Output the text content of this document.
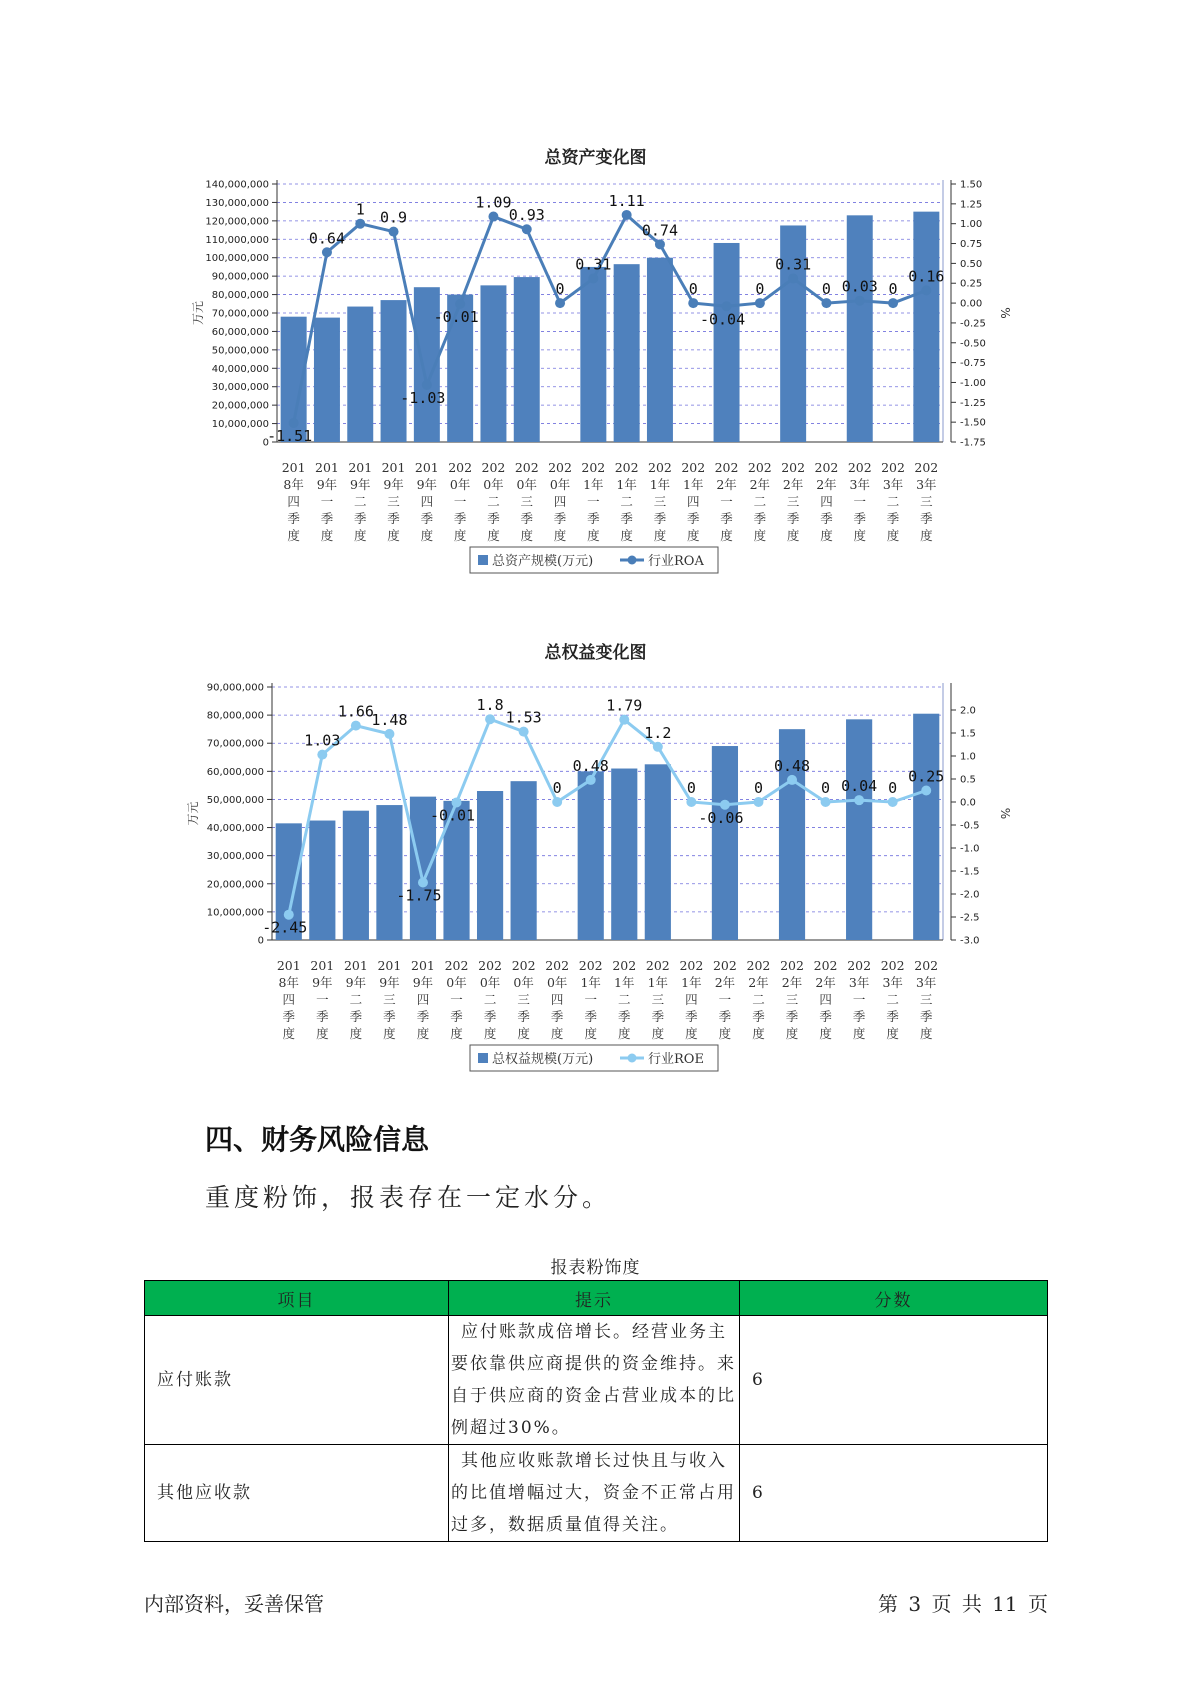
总资产变化图
0
10,000,000
20,000,000
30,000,000
40,000,000
50,000,000
60,000,000
70,000,000
80,000,000
90,000,000
100,000,000
110,000,000
120,000,000
130,000,000
140,000,000	1.50
1.25
1.00
0.75
0.50
0.25
0.00
-0.25
-0.50
-0.75
-1.00
-1.25
-1.50
-1.75
万元	%
-1.51
0.64
1 0.9
-1.03
-0.01
1.09
0.93
0
0.31
1.11
0.74
0
-0.04
0
0.31
0 0.03 0
0.16
201
8年
四
季
度
201
9年
一
季
度
201
9年
二
季
度
201
9年
三
季
度
201
9年
四
季
度
202
0年
一
季
度
202
0年
二
季
度
202
0年
三
季
度
202
0年
四
季
度
202
1年
一
季
度
202
1年
二
季
度
202
1年
三
季
度
202
1年
四
季
度
202
2年
一
季
度
202
2年
二
季
度
202
2年
三
季
度
202
2年
四
季
度
202
3年
一
季
度
202
3年
二
季
度
202
3年
三
季
度
总资产规模(万元)	行业ROA
总权益变化图
0
10,000,000
20,000,000
30,000,000
40,000,000
50,000,000
60,000,000
70,000,000
80,000,000
90,000,000
2.0
1.5
1.0
0.5
0.0
-0.5
-1.0
-1.5
-2.0
-2.5
-3.0
万元	%
-2.45
1.03
1.66
1.48
-1.75
-0.01
1.8
1.53
0
0.48
1.79
1.2
0
-0.06
0
0.48
0 0.04 0
0.25
201
8年
四
季
度
201
9年
一
季
度
201
9年
二
季
度
201
9年
三
季
度
201
9年
四
季
度
202
0年
一
季
度
202
0年
二
季
度
202
0年
三
季
度
202
0年
四
季
度
202
1年
一
季
度
202
1年
二
季
度
202
1年
三
季
度
202
1年
四
季
度
202
2年
一
季
度
202
2年
二
季
度
202
2年
三
季
度
202
2年
四
季
度
202
3年
一
季
度
202
3年
二
季
度
202
3年
三
季
度
总权益规模(万元)	行业ROE
四、财务风险信息
重度粉饰，报表存在一定水分。
报表粉饰度
项目	提示	分数
应付账款	应付账款成倍增长。经营业务主要依靠供应商提供的资金维持。来自于供应商的资金占营业成本的比例超过30%。	6
其他应收款	其他应收账款增长过快且与收入的比值增幅过大，资金不正常占用过多，数据质量值得关注。	6
内部资料，妥善保管	第 3 页 共 11 页
